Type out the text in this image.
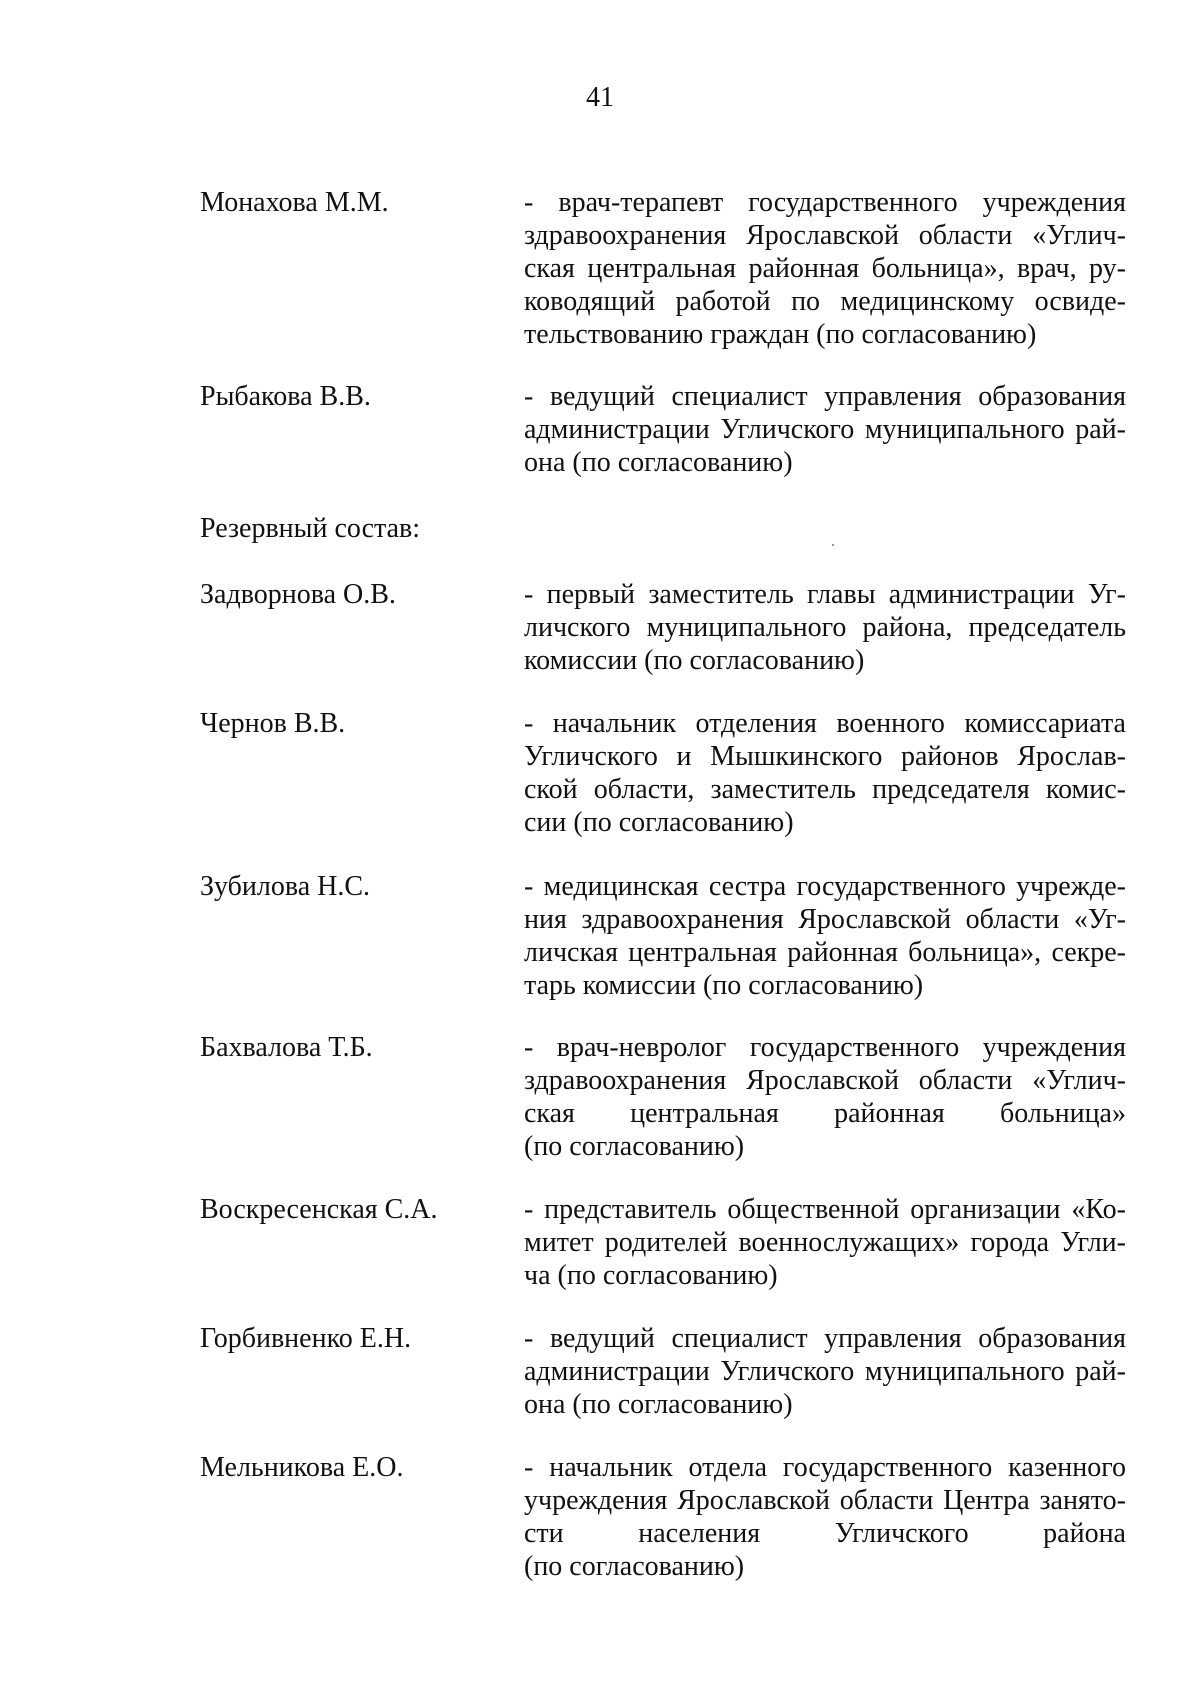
41
Монахова М.М.	- врач-терапевт государственного учреждения
здравоохранения Ярославской области «Углич-
ская центральная районная больница», врач, ру-
ководящий работой по медицинскому освиде-
тельствованию граждан (по согласованию)
Рыбакова В.В.	- ведущий специалист управления образования
администрации Угличского муниципального рай-
она (по согласованию)
Резервный состав:
Задворнова О.В.	- первый заместитель главы администрации Уг-
личского муниципального района, председатель
комиссии (по согласованию)
Чернов В.В.	- начальник отделения военного комиссариата
Угличского и Мышкинского районов Ярослав-
ской области, заместитель председателя комис-
сии (по согласованию)
Зубилова Н.С.	- медицинская сестра государственного учрежде-
ния здравоохранения Ярославской области «Уг-
личская центральная районная больница», секре-
тарь комиссии (по согласованию)
Бахвалова Т.Б.	- врач-невролог государственного учреждения
здравоохранения Ярославской области «Углич-
ская центральная районная больница»
(по согласованию)
Воскресенская С.А.	- представитель общественной организации «Ко-
митет родителей военнослужащих» города Угли-
ча (по согласованию)
Горбивненко Е.Н.	- ведущий специалист управления образования
администрации Угличского муниципального рай-
она (по согласованию)
Мельникова Е.О.	- начальник отдела государственного казенного
учреждения Ярославской области Центра занято-
сти населения Угличского района
(по согласованию)
